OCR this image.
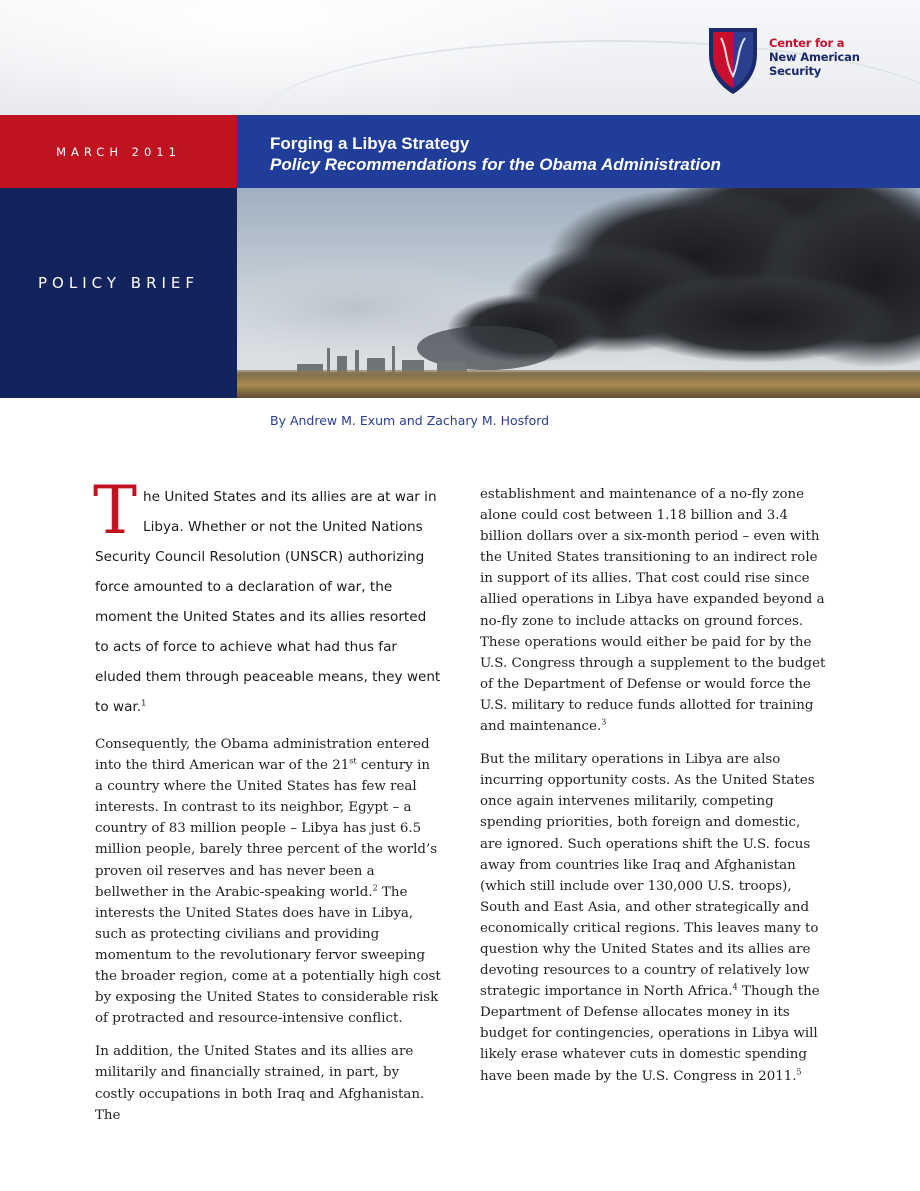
Center for a
New American
Security
MARCH 2011	Forging a Libya Strategy
Policy Recommendations for the Obama Administration
POLICY BRIEF
By Andrew M. Exum and Zachary M. Hosford
The United States and its allies are at war in Libya. Whether or not the United Nations Security Council Resolution (UNSCR) authorizing force amounted to a declaration of war, the moment the United States and its allies resorted to acts of force to achieve what had thus far eluded them through peaceable means, they went to war.$^1$

Consequently, the Obama administration entered into the third American war of the 21st century in a country where the United States has few real interests. In contrast to its neighbor, Egypt – a country of 83 million people – Libya has just 6.5 million people, barely three percent of the world’s proven oil reserves and has never been a bellwether in the Arabic-speaking world.$^2$ The interests the United States does have in Libya, such as protecting civilians and providing momentum to the revolutionary fervor sweeping the broader region, come at a potentially high cost by exposing the United States to considerable risk of protracted and resource-intensive conflict.

In addition, the United States and its allies are militarily and financially strained, in part, by costly occupations in both Iraq and Afghanistan. The

establishment and maintenance of a no-fly zone alone could cost between 1.18 billion and 3.4 billion dollars over a six-month period – even with the United States transitioning to an indirect role in support of its allies. That cost could rise since allied operations in Libya have expanded beyond a no-fly zone to include attacks on ground forces. These operations would either be paid for by the U.S. Congress through a supplement to the budget of the Department of Defense or would force the U.S. military to reduce funds allotted for training and maintenance.$^3$

But the military operations in Libya are also incurring opportunity costs. As the United States once again intervenes militarily, competing spending priorities, both foreign and domestic, are ignored. Such operations shift the U.S. focus away from countries like Iraq and Afghanistan (which still include over 130,000 U.S. troops), South and East Asia, and other strategically and economically critical regions. This leaves many to question why the United States and its allies are devoting resources to a country of relatively low strategic importance in North Africa.$^4$ Though the Department of Defense allocates money in its budget for contingencies, operations in Libya will likely erase whatever cuts in domestic spending have been made by the U.S. Congress in 2011.$^5$
